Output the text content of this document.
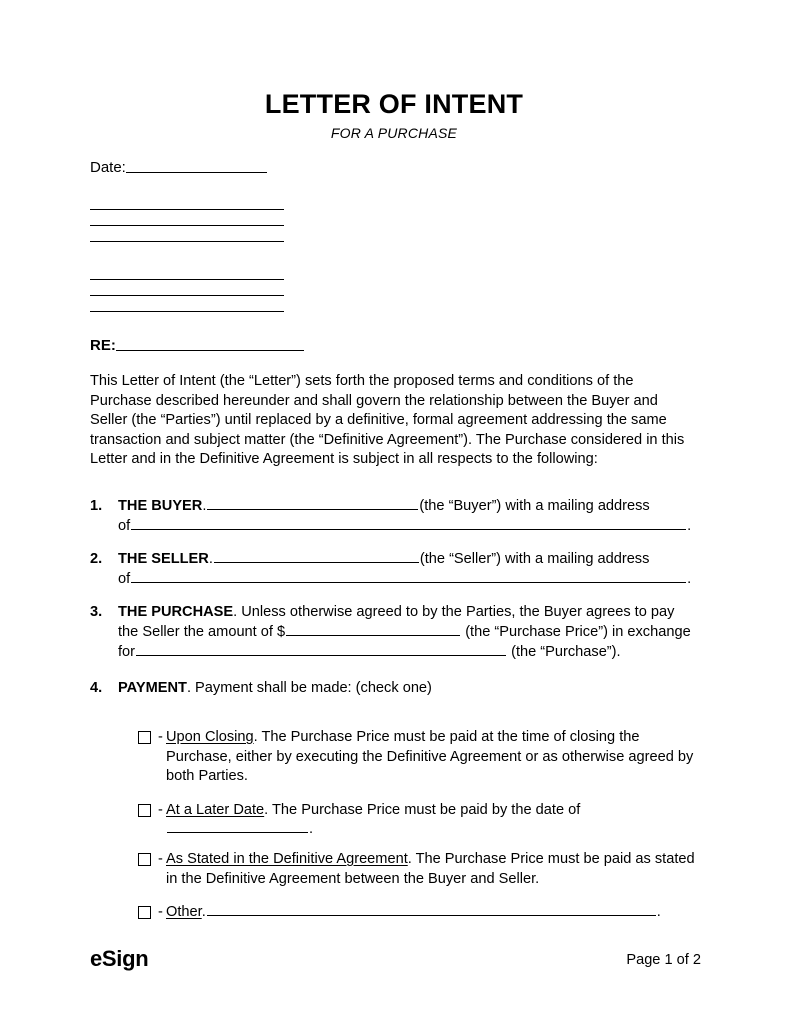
LETTER OF INTENT
FOR A PURCHASE
Date:
RE:
This Letter of Intent (the “Letter”) sets forth the proposed terms and conditions of the Purchase described hereunder and shall govern the relationship between the Buyer and Seller (the “Parties”) until replaced by a definitive, formal agreement addressing the same transaction and subject matter (the “Definitive Agreement”). The Purchase considered in this Letter and in the Definitive Agreement is subject in all respects to the following:
1. THE BUYER.	(the “Buyer”) with a mailing address
of	.
2. THE SELLER.	(the “Seller”) with a mailing address
of	.
3. THE PURCHASE. Unless otherwise agreed to by the Parties, the Buyer agrees to pay the Seller the amount of $	(the “Purchase Price”) in exchange for	(the “Purchase”).
4. PAYMENT. Payment shall be made: (check one)
- Upon Closing. The Purchase Price must be paid at the time of closing the Purchase, either by executing the Definitive Agreement or as otherwise agreed by both Parties.
- At a Later Date. The Purchase Price must be paid by the date of
.
- As Stated in the Definitive Agreement. The Purchase Price must be paid as stated in the Definitive Agreement between the Buyer and Seller.
- Other.	.
eSign	Page 1 of 2
